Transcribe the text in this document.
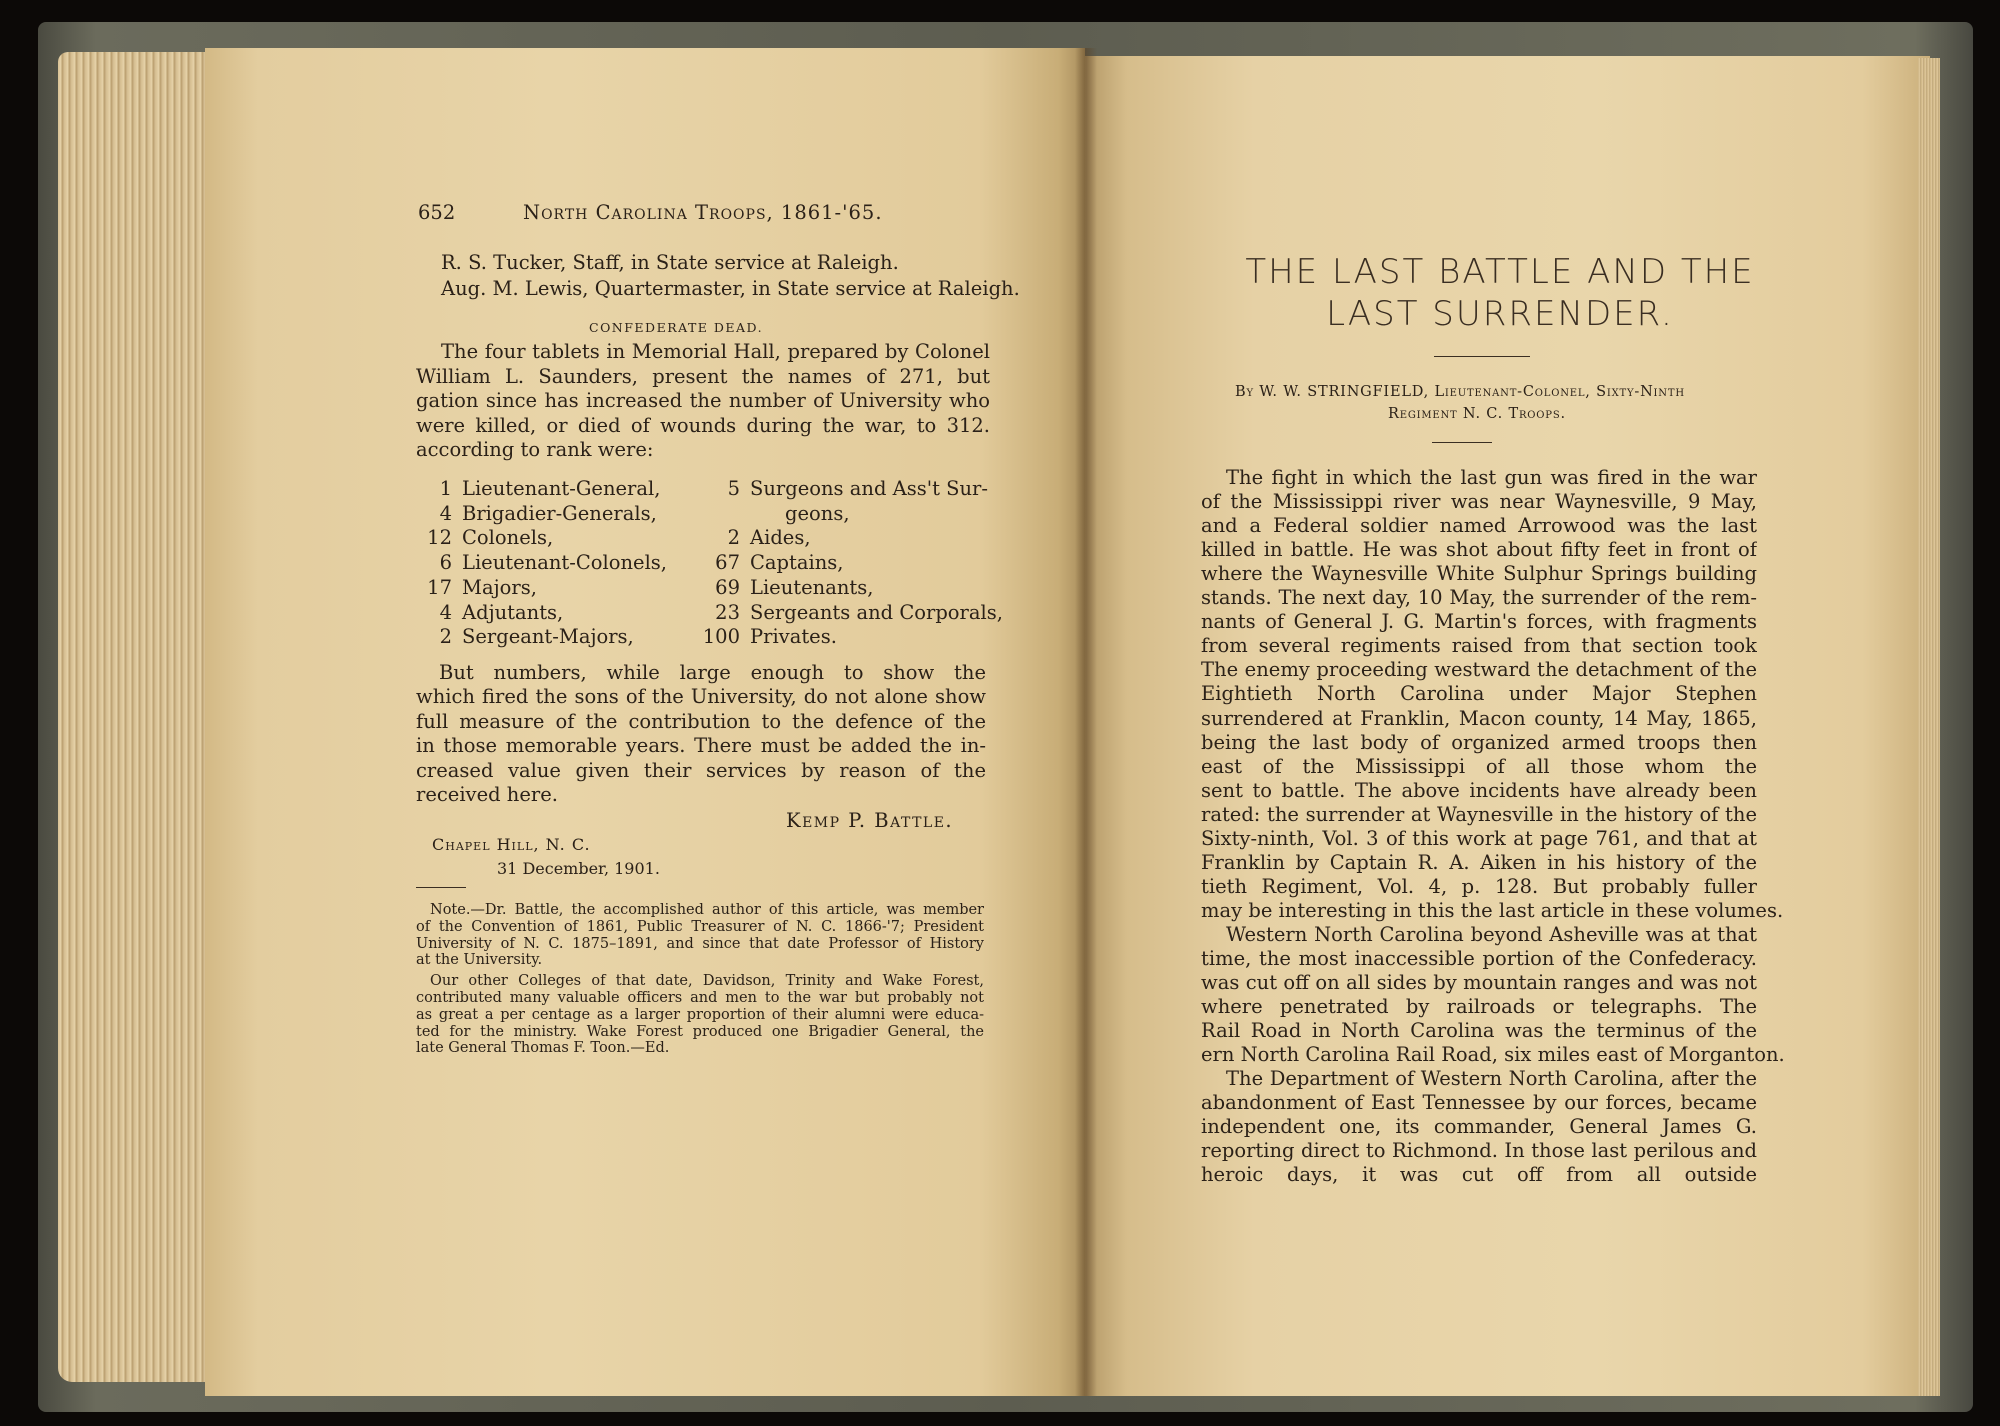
652	North Carolina Troops, 1861-'65.
R. S. Tucker, Staff, in State service at Raleigh.
Aug. M. Lewis, Quartermaster, in State service at Raleigh.
CONFEDERATE DEAD.
Kemp P. Battle.
Chapel Hill, N. C.
31 December, 1901.
THE LAST BATTLE AND THE
LAST SURRENDER.
By W. W. STRINGFIELD, Lieutenant-Colonel, Sixty-Ninth
Regiment N. C. Troops.
The four tablets in Memorial Hall, prepared by Colonel
William L. Saunders, present the names of 271, but
gation since has increased the number of University who
were killed, or died of wounds during the war, to 312.
according to rank were:
1 Lieutenant-General,
4 Brigadier-Generals,
12 Colonels,
6 Lieutenant-Colonels,
17 Majors,
4 Adjutants,
2 Sergeant-Majors,
5 Surgeons and Ass't Sur-
geons,
2 Aides,
67 Captains,
69 Lieutenants,
23 Sergeants and Corporals,
100 Privates.
But numbers, while large enough to show the
which fired the sons of the University, do not alone show
full measure of the contribution to the defence of the
in those memorable years. There must be added the in-
creased value given their services by reason of the
received here.
Note.—Dr. Battle, the accomplished author of this article, was member
of the Convention of 1861, Public Treasurer of N. C. 1866-'7; President
University of N. C. 1875–1891, and since that date Professor of History
at the University.
Our other Colleges of that date, Davidson, Trinity and Wake Forest,
contributed many valuable officers and men to the war but probably not
as great a per centage as a larger proportion of their alumni were educa-
ted for the ministry. Wake Forest produced one Brigadier General, the
late General Thomas F. Toon.—Ed.
The fight in which the last gun was fired in the war
of the Mississippi river was near Waynesville, 9 May,
and a Federal soldier named Arrowood was the last
killed in battle. He was shot about fifty feet in front of
where the Waynesville White Sulphur Springs building
stands. The next day, 10 May, the surrender of the rem-
nants of General J. G. Martin's forces, with fragments
from several regiments raised from that section took
The enemy proceeding westward the detachment of the
Eightieth North Carolina under Major Stephen
surrendered at Franklin, Macon county, 14 May, 1865,
being the last body of organized armed troops then
east of the Mississippi of all those whom the
sent to battle. The above incidents have already been
rated: the surrender at Waynesville in the history of the
Sixty-ninth, Vol. 3 of this work at page 761, and that at
Franklin by Captain R. A. Aiken in his history of the
tieth Regiment, Vol. 4, p. 128. But probably fuller
may be interesting in this the last article in these volumes.
Western North Carolina beyond Asheville was at that
time, the most inaccessible portion of the Confederacy.
was cut off on all sides by mountain ranges and was not
where penetrated by railroads or telegraphs. The
Rail Road in North Carolina was the terminus of the
ern North Carolina Rail Road, six miles east of Morganton.
The Department of Western North Carolina, after the
abandonment of East Tennessee by our forces, became
independent one, its commander, General James G.
reporting direct to Richmond. In those last perilous and
heroic days, it was cut off from all outside
